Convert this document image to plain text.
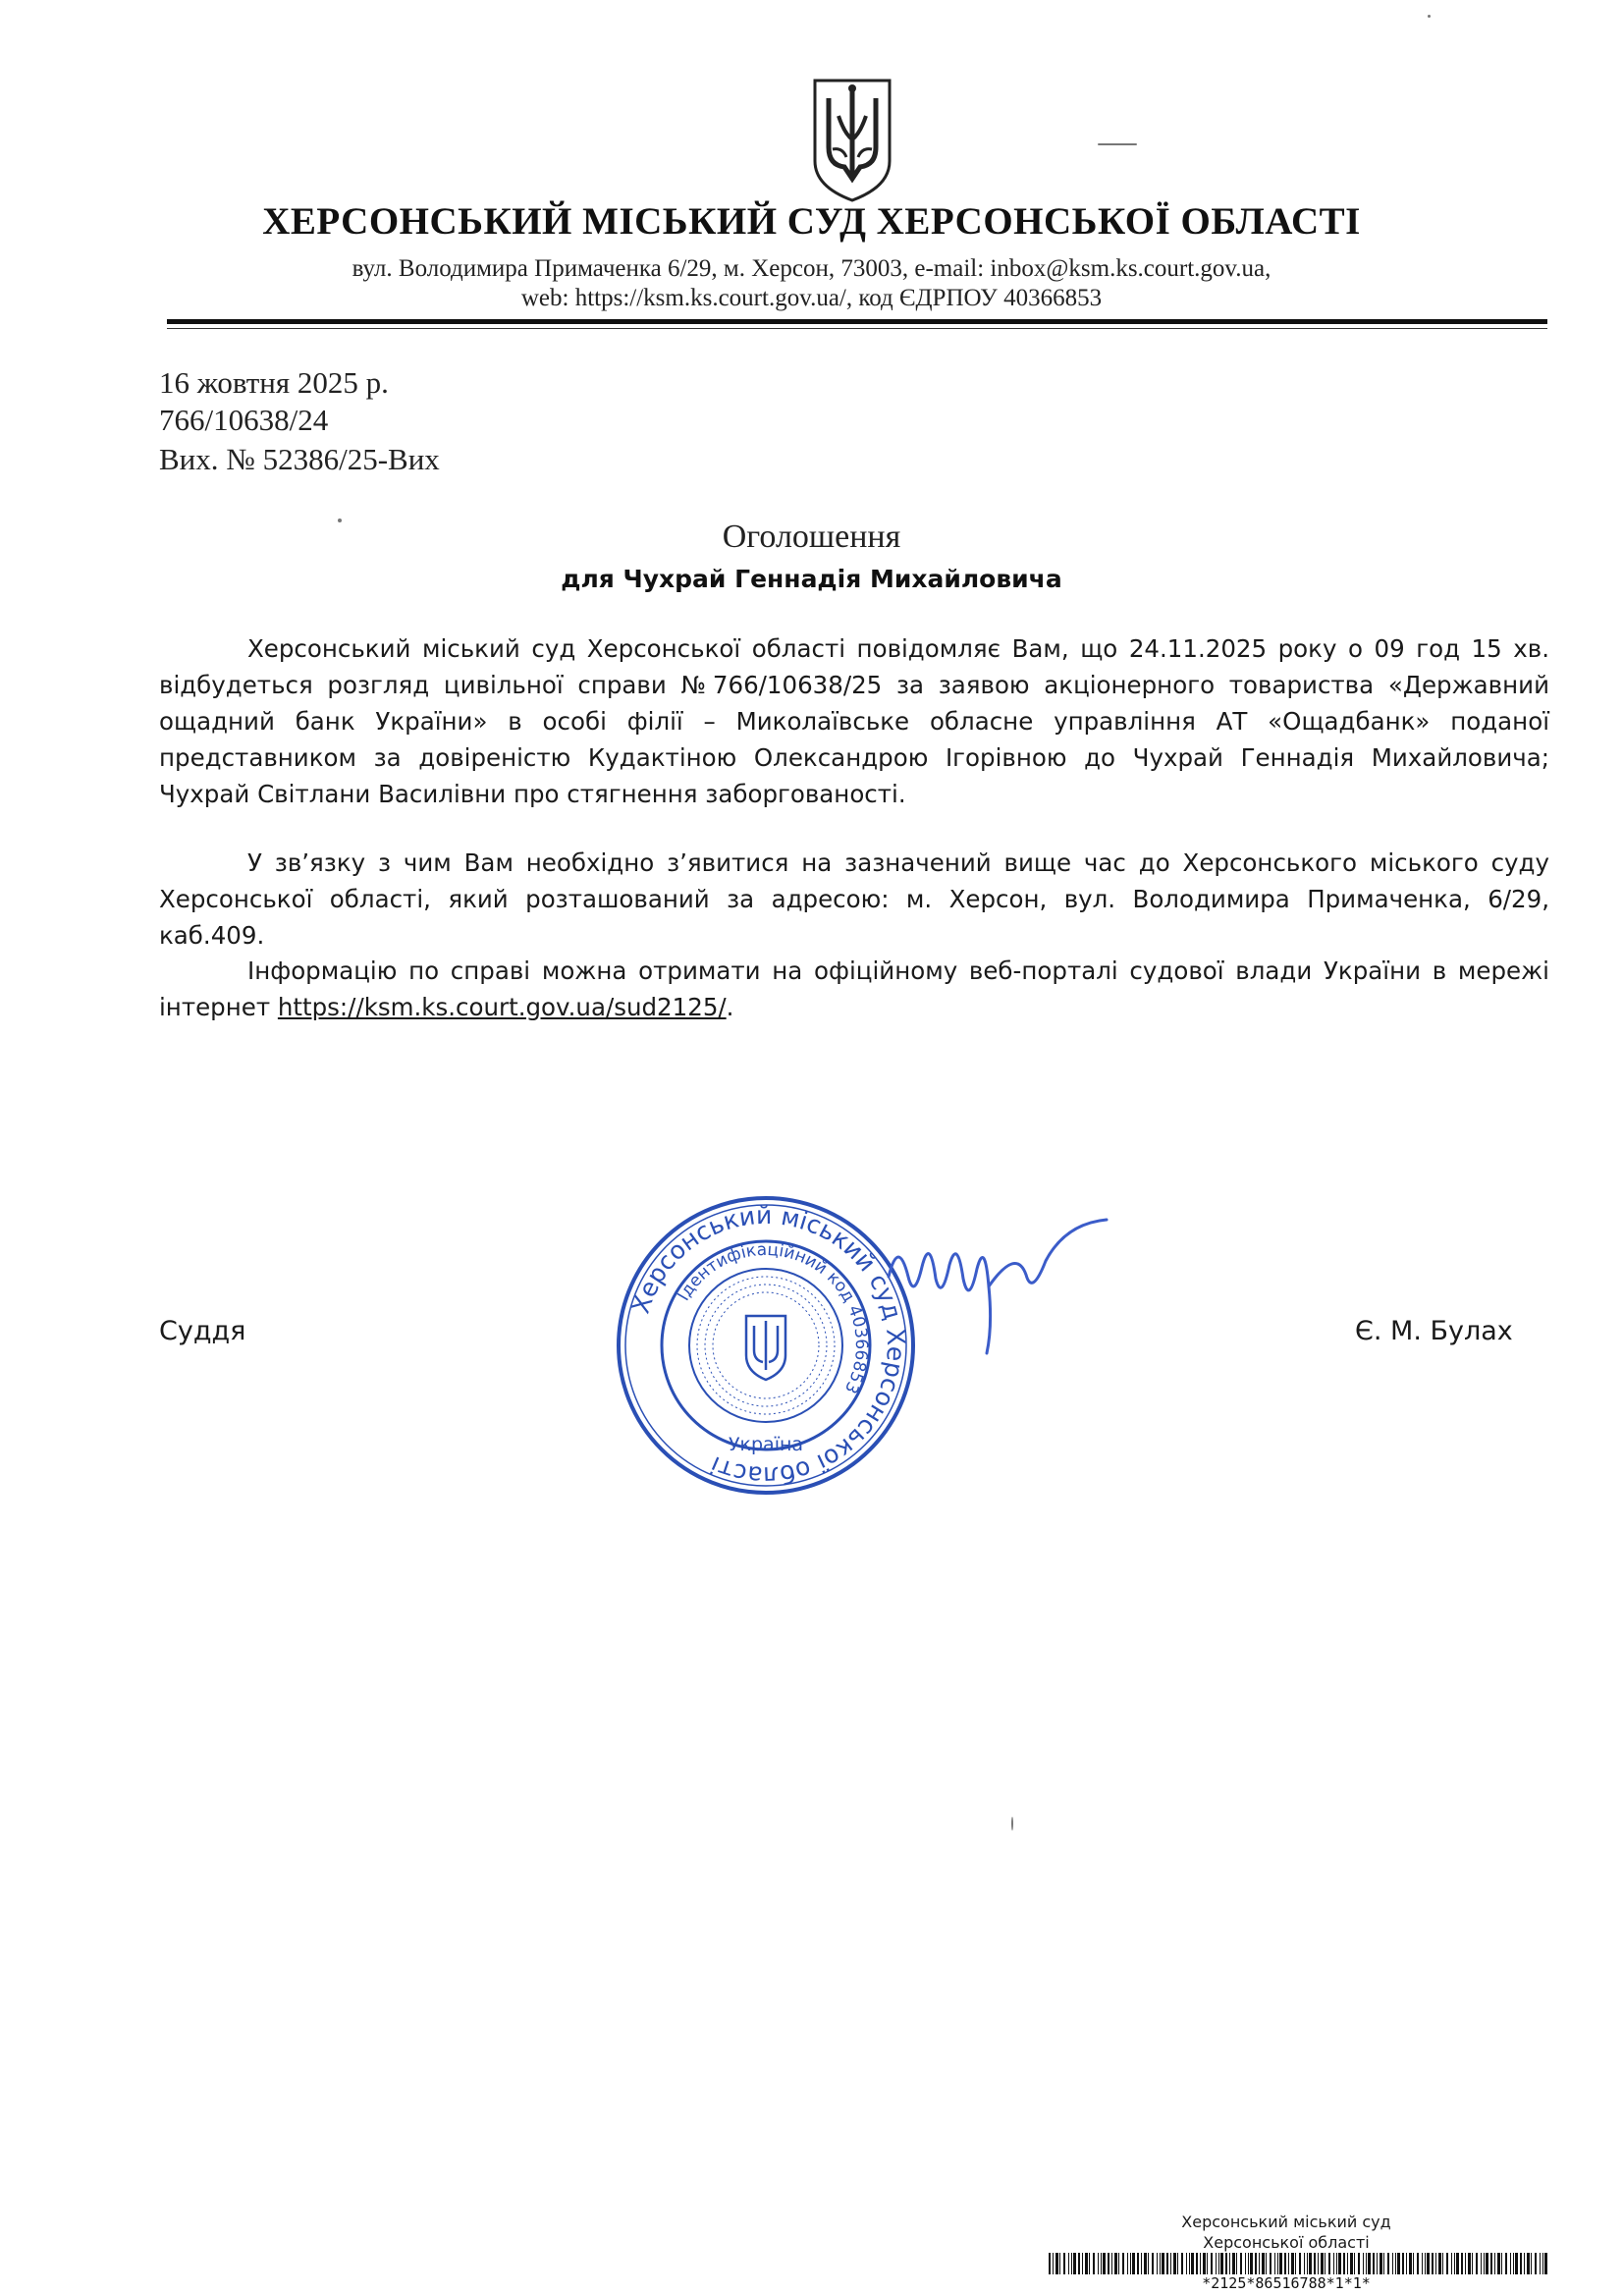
ХЕРСОНСЬКИЙ МІСЬКИЙ СУД ХЕРСОНСЬКОЇ ОБЛАСТІ
вул. Володимира Примаченка 6/29, м. Херсон, 73003, e-mail: inbox@ksm.ks.court.gov.ua,
web: https://ksm.ks.court.gov.ua/, код ЄДРПОУ 40366853
16 жовтня 2025 р.
766/10638/24
Вих. № 52386/25-Вих
Оголошення
для Чухрай Геннадія Михайловича
Херсонський міський суд Херсонської області повідомляє Вам, що 24.11.2025 року о 09 год 15 хв. відбудеться розгляд цивільної справи №766/10638/25 за заявою акціонерного товариства «Державний ощадний банк України» в особі філії – Миколаївське обласне управління АТ «Ощадбанк» поданої представником за довіреністю Кудактіною Олександрою Ігорівною до Чухрай Геннадія Михайловича; Чухрай Світлани Василівни про стягнення заборгованості.
У зв’язку з чим Вам необхідно з’явитися на зазначений вище час до Херсонського міського суду Херсонської області, який розташований за адресою: м. Херсон, вул. Володимира Примаченка, 6/29, каб.409.
Інформацію по справі можна отримати на офіційному веб-порталі судової влади України в мережі інтернет https://ksm.ks.court.gov.ua/sud2125/.
Суддя	Є. М. Булах
Херсонський міський суд Херсонської області
Ідентифікаційний код 40366853
Україна
Херсонський міський суд
Херсонської області
*2125*86516788*1*1*
